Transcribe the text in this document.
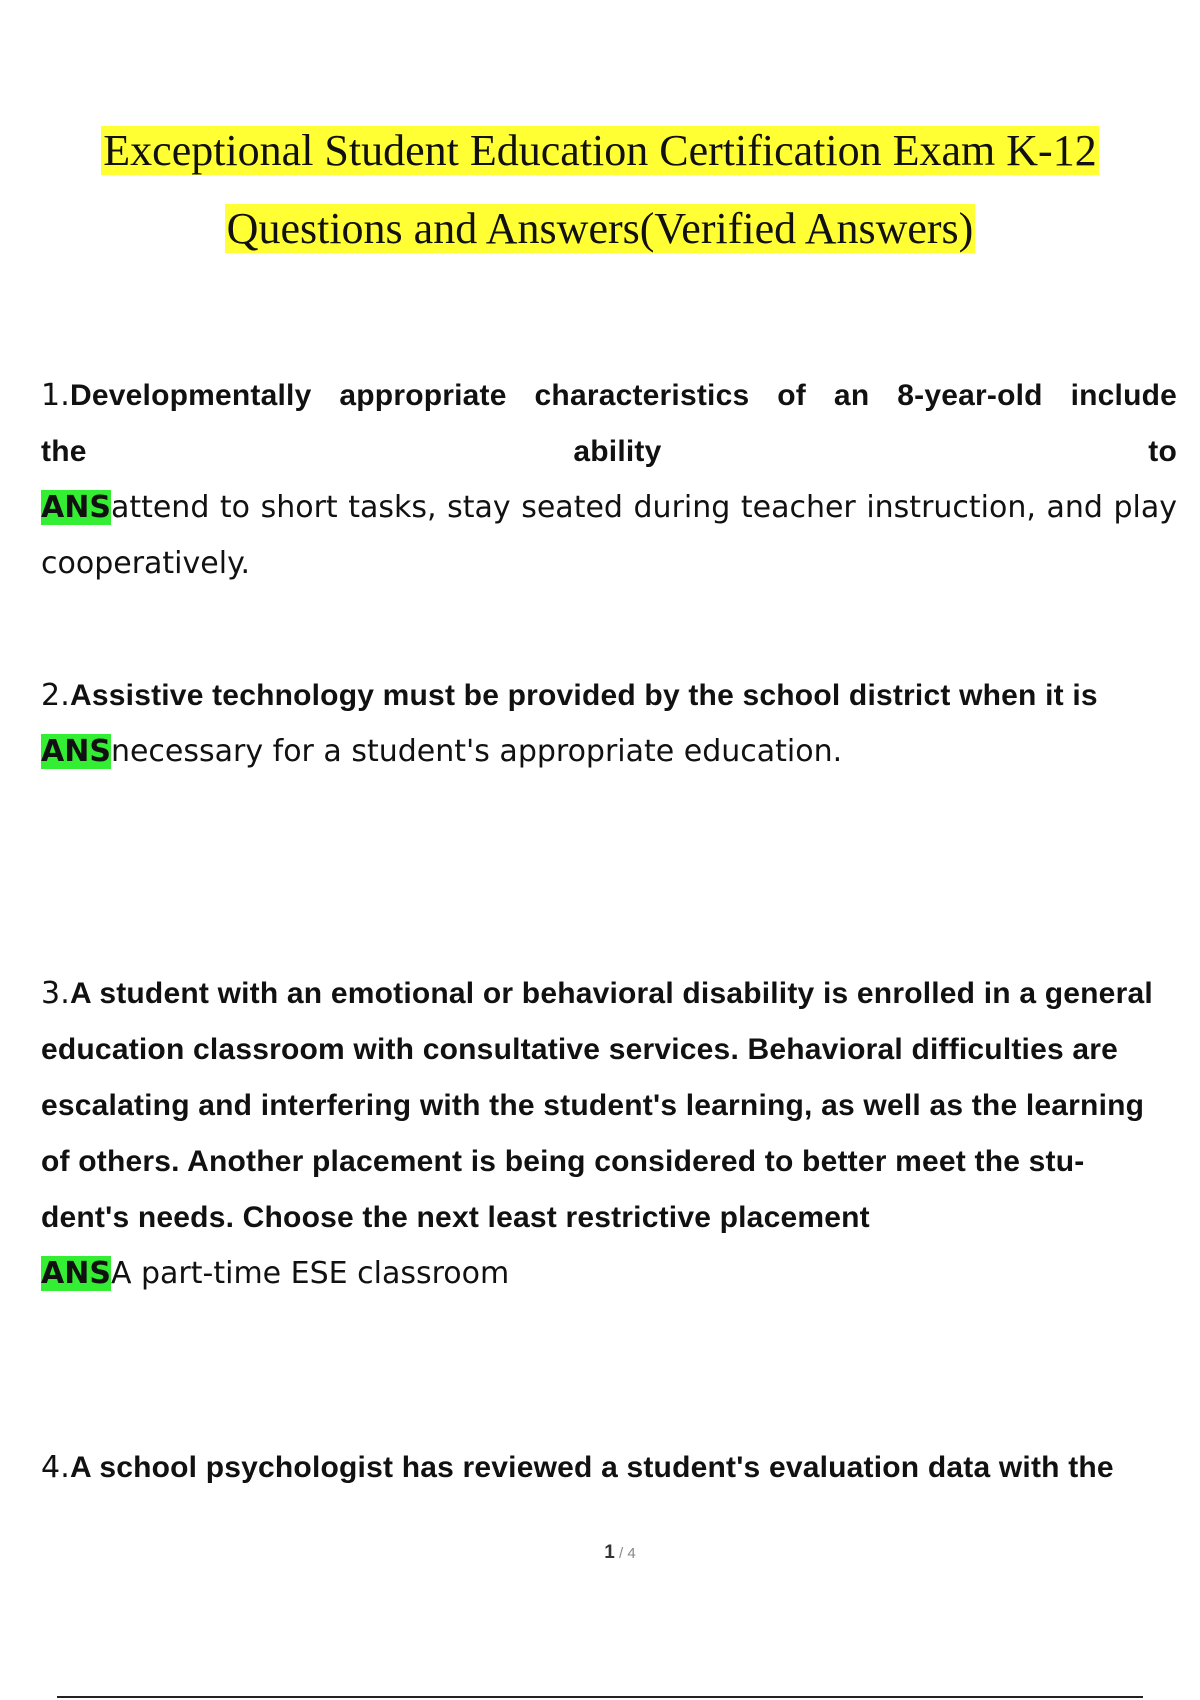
Exceptional Student Education Certification Exam K-12
Questions and Answers(Verified Answers)
1.Developmentally appropriate characteristics of an 8-year-old include
the ability to
ANSattend to short tasks, stay seated during teacher instruction, and play cooperatively.
2.Assistive technology must be provided by the school district when it is
ANSnecessary for a student's appropriate education.
3.A student with an emotional or behavioral disability is enrolled in a general education classroom with consultative services. Behavioral difficulties are escalating and interfering with the student's learning, as well as the learning of others. Another placement is being considered to better meet the stu- dent's needs. Choose the next least restrictive placement
ANSA part-time ESE classroom
4.A school psychologist has reviewed a student's evaluation data with the
1 / 4
